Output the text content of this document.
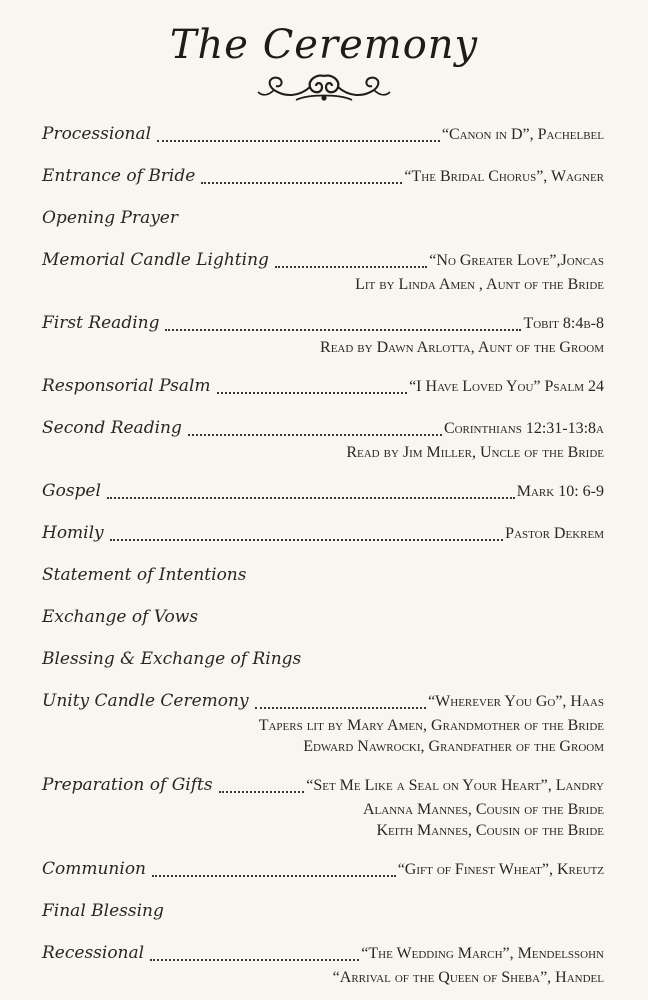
The Ceremony
Processional	“Canon in D”, Pachelbel
Entrance of Bride	“The Bridal Chorus”, Wagner
Opening Prayer
Memorial Candle Lighting	“No Greater Love”,Joncas
Lit by Linda Amen , Aunt of the Bride
First Reading	Tobit 8:4b-8
Read by Dawn Arlotta, Aunt of the Groom
Responsorial Psalm	“I Have Loved You” Psalm 24
Second Reading	Corinthians 12:31-13:8a
Read by Jim Miller, Uncle of the Bride
Gospel	Mark 10: 6-9
Homily	Pastor Dekrem
Statement of Intentions
Exchange of Vows
Blessing & Exchange of Rings
Unity Candle Ceremony	“Wherever You Go”, Haas
Tapers lit by Mary Amen, Grandmother of the Bride
Edward Nawrocki, Grandfather of the Groom
Preparation of Gifts	“Set Me Like a Seal on Your Heart”, Landry
Alanna Mannes, Cousin of the Bride
Keith Mannes, Cousin of the Bride
Communion	“Gift of Finest Wheat”, Kreutz
Final Blessing
Recessional	“The Wedding March”, Mendelssohn
“Arrival of the Queen of Sheba”, Handel
